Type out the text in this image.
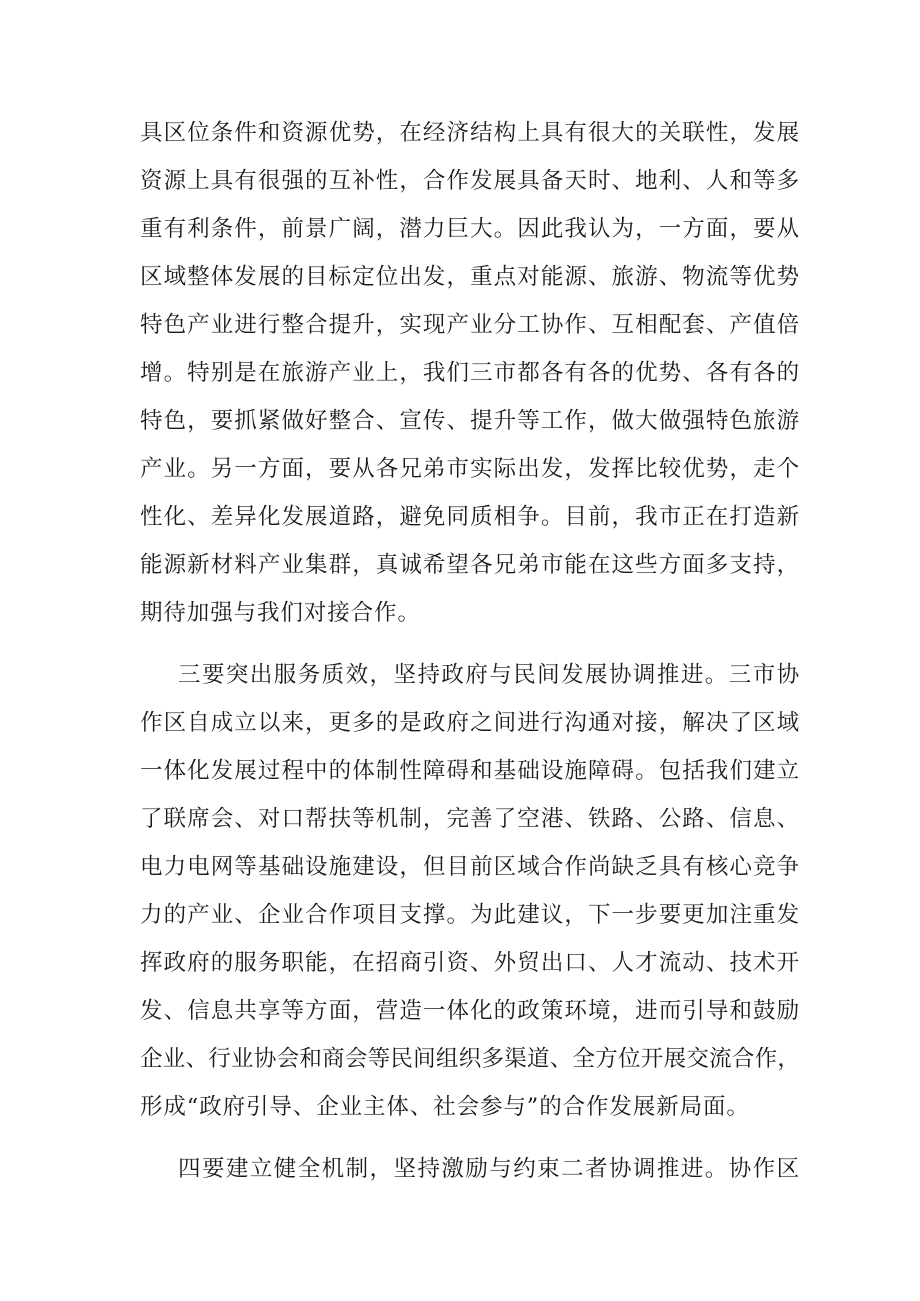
具区位条件和资源优势，在经济结构上具有很大的关联性，发展
资源上具有很强的互补性，合作发展具备天时、地利、人和等多
重有利条件，前景广阔，潜力巨大。因此我认为，一方面，要从
区域整体发展的目标定位出发，重点对能源、旅游、物流等优势
特色产业进行整合提升，实现产业分工协作、互相配套、产值倍
增。特别是在旅游产业上，我们三市都各有各的优势、各有各的
特色，要抓紧做好整合、宣传、提升等工作，做大做强特色旅游
产业。另一方面，要从各兄弟市实际出发，发挥比较优势，走个
性化、差异化发展道路，避免同质相争。目前，我市正在打造新
能源新材料产业集群，真诚希望各兄弟市能在这些方面多支持，
期待加强与我们对接合作。
三要突出服务质效，坚持政府与民间发展协调推进。三市协
作区自成立以来，更多的是政府之间进行沟通对接，解决了区域
一体化发展过程中的体制性障碍和基础设施障碍。包括我们建立
了联席会、对口帮扶等机制，完善了空港、铁路、公路、信息、
电力电网等基础设施建设，但目前区域合作尚缺乏具有核心竞争
力的产业、企业合作项目支撑。为此建议，下一步要更加注重发
挥政府的服务职能，在招商引资、外贸出口、人才流动、技术开
发、信息共享等方面，营造一体化的政策环境，进而引导和鼓励
企业、行业协会和商会等民间组织多渠道、全方位开展交流合作，
形成“政府引导、企业主体、社会参与”的合作发展新局面。
四要建立健全机制，坚持激励与约束二者协调推进。协作区
